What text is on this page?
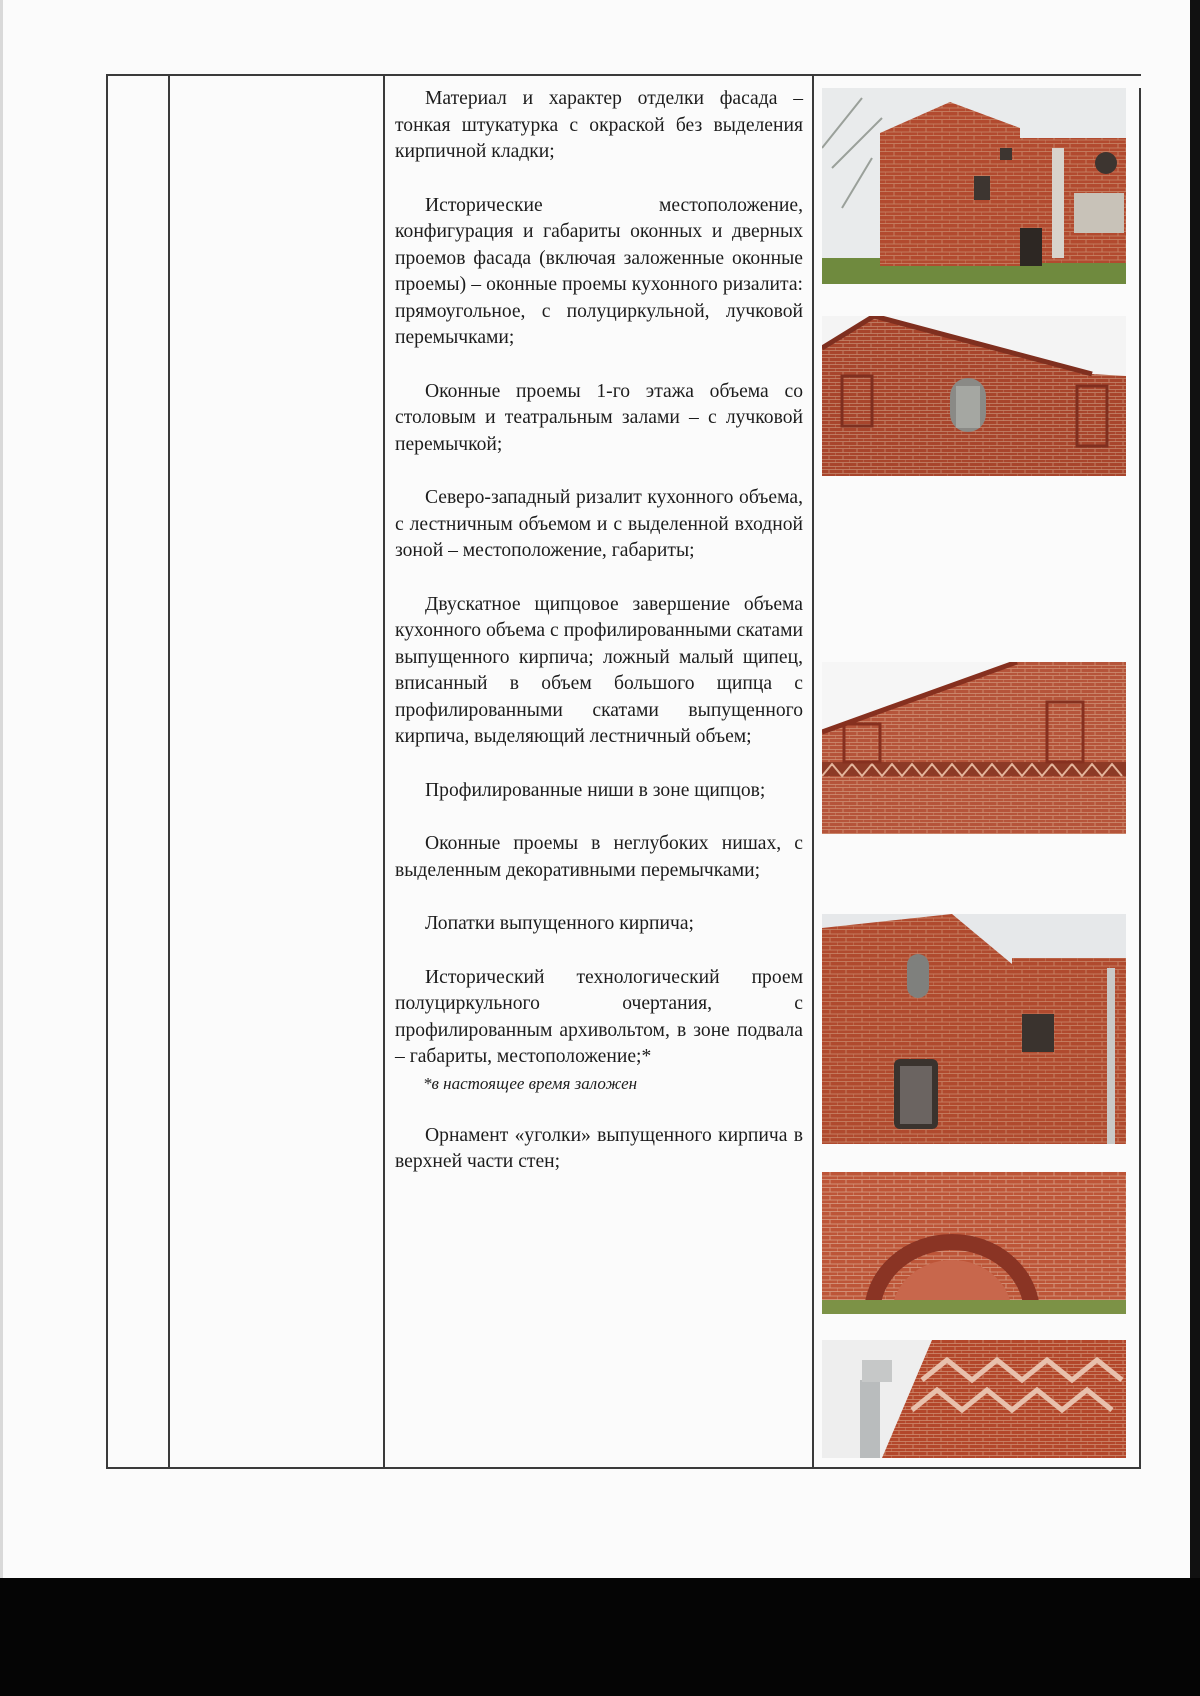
Материал и характер отделки фасада – тонкая штукатурка с окраской без выделения кирпичной кладки;

Исторические местоположение, конфигурация и габариты оконных и дверных проемов фасада (включая заложенные оконные проемы) – оконные проемы кухонного ризалита: прямоугольное, с полуциркульной, лучковой перемычками;

Оконные проемы 1-го этажа объема со столовым и театральным залами – с лучковой перемычкой;

Северо-западный ризалит кухонного объема, с лестничным объемом и с выделенной входной зоной – местоположение, габариты;

Двускатное щипцовое завершение объема кухонного объема с профилированными скатами выпущенного кирпича; ложный малый щипец, вписанный в объем большого щипца с профилированными скатами выпущенного кирпича, выделяющий лестничный объем;

Профилированные ниши в зоне щипцов;

Оконные проемы в неглубоких нишах, с выделенным декоративными перемычками;

Лопатки выпущенного кирпича;

Исторический технологический проем полуциркульного очертания, с профилированным архивольтом, в зоне подвала – габариты, местоположение;*

*в настоящее время заложен

Орнамент «уголки» выпущенного кирпича в верхней части стен;
